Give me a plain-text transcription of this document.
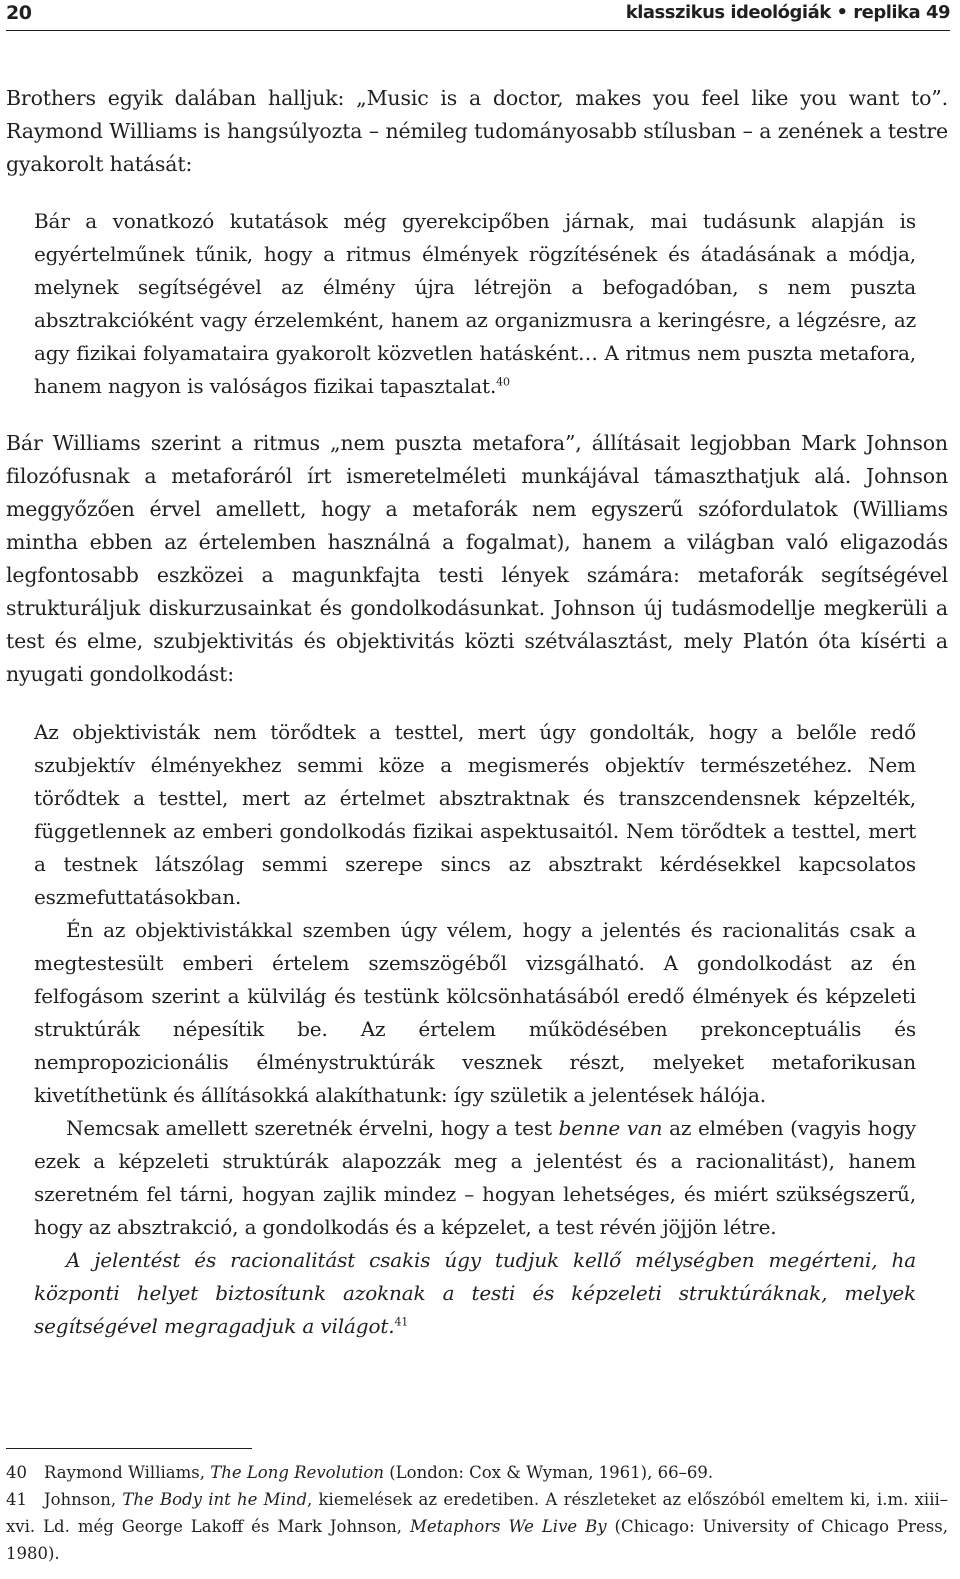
20	klasszikus ideológiák • replika 49

Brothers egyik dalában halljuk: „Music is a doctor, makes you feel like you want to”. Raymond Williams is hangsúlyozta – némileg tudományosabb stílusban – a zenének a testre gyakorolt hatását:

Bár a vonatkozó kutatások még gyerekcipőben járnak, mai tudásunk alapján is egyértelműnek tűnik, hogy a ritmus élmények rögzítésének és átadásának a módja, melynek segítségével az élmény újra létrejön a befogadóban, s nem puszta absztrakcióként vagy érzelemként, hanem az organizmusra a keringésre, a légzésre, az agy fizikai folyamataira gyakorolt közvetlen hatásként… A ritmus nem puszta metafora, hanem nagyon is valóságos fizikai tapasztalat.$^{40}$

Bár Williams szerint a ritmus „nem puszta metafora”, állításait legjobban Mark Johnson filozófusnak a metaforáról írt ismeretelméleti munkájával támaszthatjuk alá. Johnson meggyőzően érvel amellett, hogy a metaforák nem egyszerű szófordulatok (Williams mintha ebben az értelemben használná a fogalmat), hanem a világban való eligazodás legfontosabb eszközei a magunkfajta testi lények számára: metaforák segítségével strukturáljuk diskurzusainkat és gondolkodásunkat. Johnson új tudásmodellje megkerüli a test és elme, szubjektivitás és objektivitás közti szétválasztást, mely Platón óta kísérti a nyugati gondolkodást:

Az objektivisták nem törődtek a testtel, mert úgy gondolták, hogy a belőle redő szubjektív élményekhez semmi köze a megismerés objektív természetéhez. Nem törődtek a testtel, mert az értelmet absztraktnak és transzcendensnek képzelték, függetlennek az emberi gondolkodás fizikai aspektusaitól. Nem törődtek a testtel, mert a testnek látszólag semmi szerepe sincs az absztrakt kérdésekkel kapcsolatos eszmefuttatásokban.

Én az objektivistákkal szemben úgy vélem, hogy a jelentés és racionalitás csak a megtestesült emberi értelem szemszögéből vizsgálható. A gondolkodást az én felfogásom szerint a külvilág és testünk kölcsönhatásából eredő élmények és képzeleti struktúrák népesítik be. Az értelem működésében prekonceptuális és nempropozicionális élménystruktúrák vesznek részt, melyeket metaforikusan kivetíthetünk és állításokká alakíthatunk: így születik a jelentések hálója.

Nemcsak amellett szeretnék érvelni, hogy a test benne van az elmében (vagyis hogy ezek a képzeleti struktúrák alapozzák meg a jelentést és a racionalitást), hanem szeretném fel tárni, hogyan zajlik mindez – hogyan lehetséges, és miért szükségszerű, hogy az absztrakció, a gondolkodás és a képzelet, a test révén jöjjön létre.

A jelentést és racionalitást csakis úgy tudjuk kellő mélységben megérteni, ha központi helyet biztosítunk azoknak a testi és képzeleti struktúráknak, melyek segítségével megragadjuk a világot.$^{41}$

40 Raymond Williams, The Long Revolution (London: Cox & Wyman, 1961), 66–69.

41 Johnson, The Body int he Mind, kiemelések az eredetiben. A részleteket az előszóból emeltem ki, i.m. xiii–xvi. Ld. még George Lakoff és Mark Johnson, Metaphors We Live By (Chicago: University of Chicago Press, 1980).
